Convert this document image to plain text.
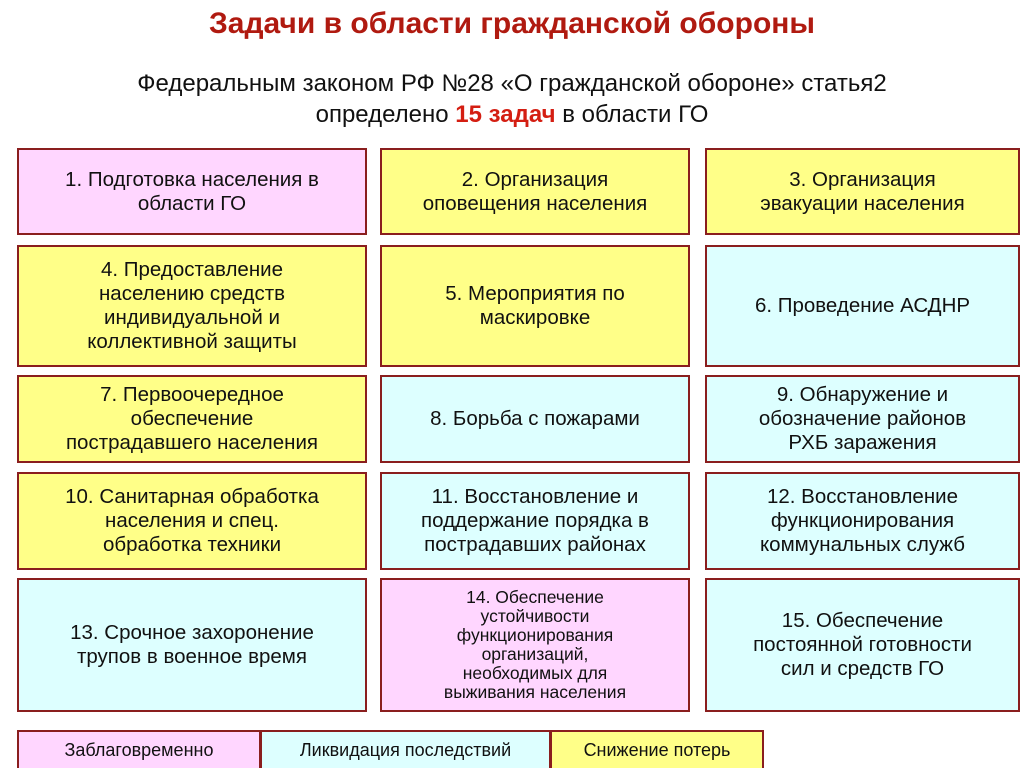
Задачи в области гражданской обороны
Федеральным законом РФ №28 «О гражданской обороне» статья2
определено 15 задач в области ГО
1. Подготовка населения в
области ГО
2. Организация
оповещения населения
3. Организация
эвакуации населения
4. Предоставление
населению средств
индивидуальной и
коллективной защиты
5. Мероприятия по
маскировке
6. Проведение АСДНР
7. Первоочередное
обеспечение
пострадавшего населения
8. Борьба с пожарами
9. Обнаружение и
обозначение районов
РХБ заражения
10. Санитарная обработка
населения и спец.
обработка техники
11. Восстановление и
поддержание порядка в
пострадавших районах
12. Восстановление
функционирования
коммунальных служб
13. Срочное захоронение
трупов в военное время
14. Обеспечение
устойчивости
функционирования
организаций,
необходимых для
выживания населения
15. Обеспечение
постоянной готовности
сил и средств ГО
Заблаговременно	Ликвидация последствий	Снижение потерь
